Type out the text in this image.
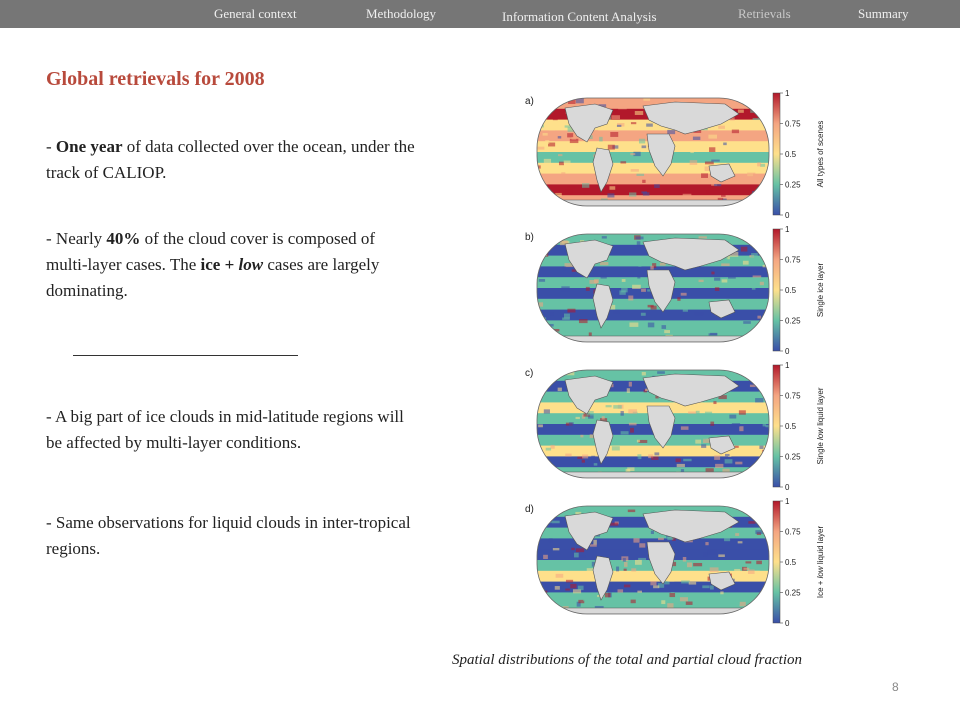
General context	Methodology	Information Content Analysis	Retrievals	Summary
Global retrievals for 2008
- One year of data collected over the ocean, under the track of CALIOP.
- Nearly 40% of the cloud cover is composed of multi-layer cases. The ice + low cases are largely dominating.
- A big part of ice clouds in mid-latitude regions will be affected by multi-layer conditions.
- Same observations for liquid clouds in inter-tropical regions.
a)
1
0.75
0.5
0.25
0
All types of scenes
b)
1
0.75
0.5
0.25
0
Single ice layer
c)
1
0.75
0.5
0.25
0
Single low liquid layer
d)
1
0.75
0.5
0.25
0
Ice + low liquid layer
Spatial distributions of the total and partial cloud fraction
8
